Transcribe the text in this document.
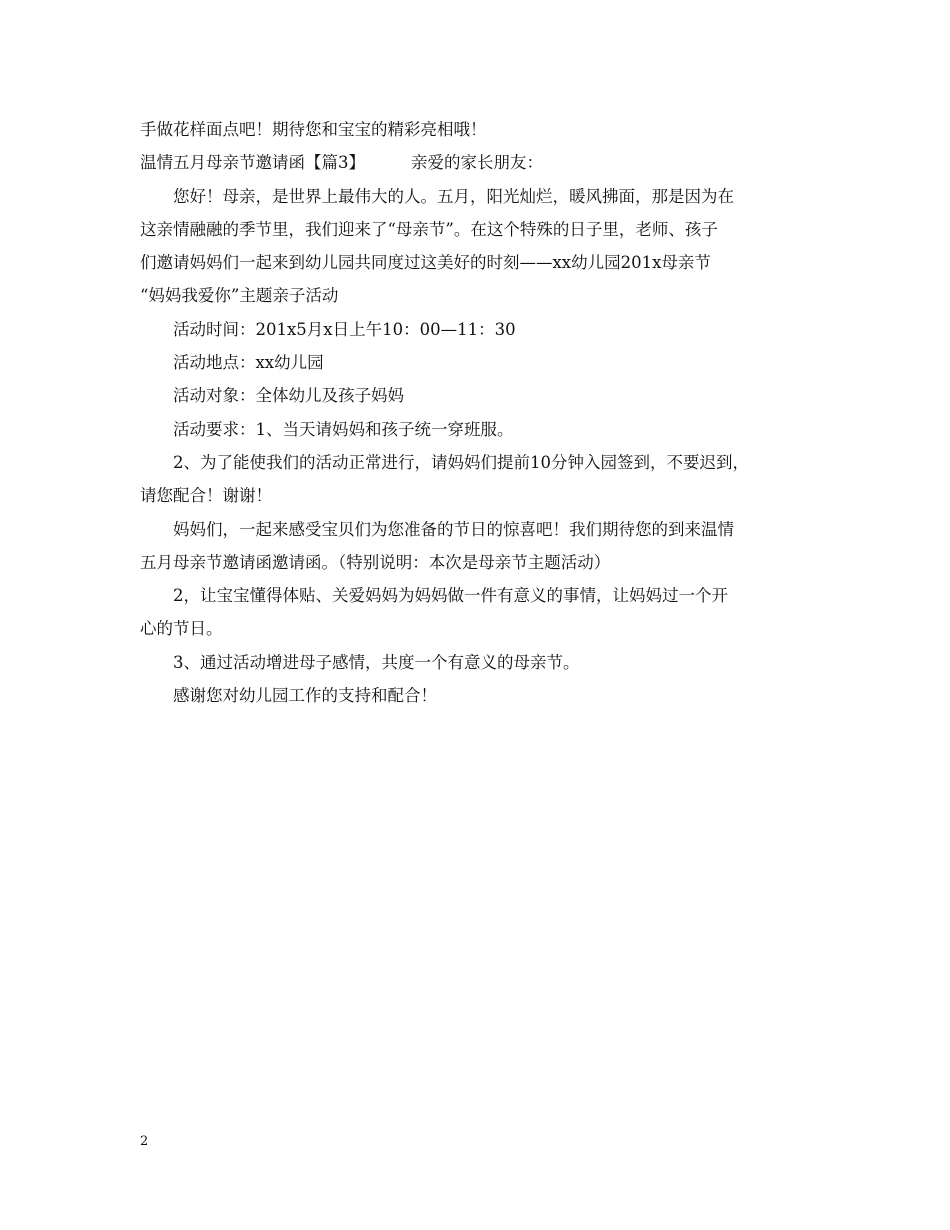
手做花样面点吧！期待您和宝宝的精彩亮相哦！
温情五月母亲节邀请函【篇3】	亲爱的家长朋友：
您好！母亲，是世界上最伟大的人。五月，阳光灿烂，暖风拂面，那是因为在
这亲情融融的季节里，我们迎来了“母亲节”。在这个特殊的日子里，老师、孩子
们邀请妈妈们一起来到幼儿园共同度过这美好的时刻——xx幼儿园201x母亲节
“妈妈我爱你”主题亲子活动
活动时间：201x5月x日上午10：00—11：30
活动地点：xx幼儿园
活动对象：全体幼儿及孩子妈妈
活动要求：1、当天请妈妈和孩子统一穿班服。
2、为了能使我们的活动正常进行，请妈妈们提前10分钟入园签到，不要迟到，
请您配合！谢谢！
妈妈们，一起来感受宝贝们为您准备的节日的惊喜吧！我们期待您的到来温情
五月母亲节邀请函邀请函。（特别说明：本次是母亲节主题活动）
2，让宝宝懂得体贴、关爱妈妈为妈妈做一件有意义的事情，让妈妈过一个开
心的节日。
3、通过活动增进母子感情，共度一个有意义的母亲节。
感谢您对幼儿园工作的支持和配合！
2
